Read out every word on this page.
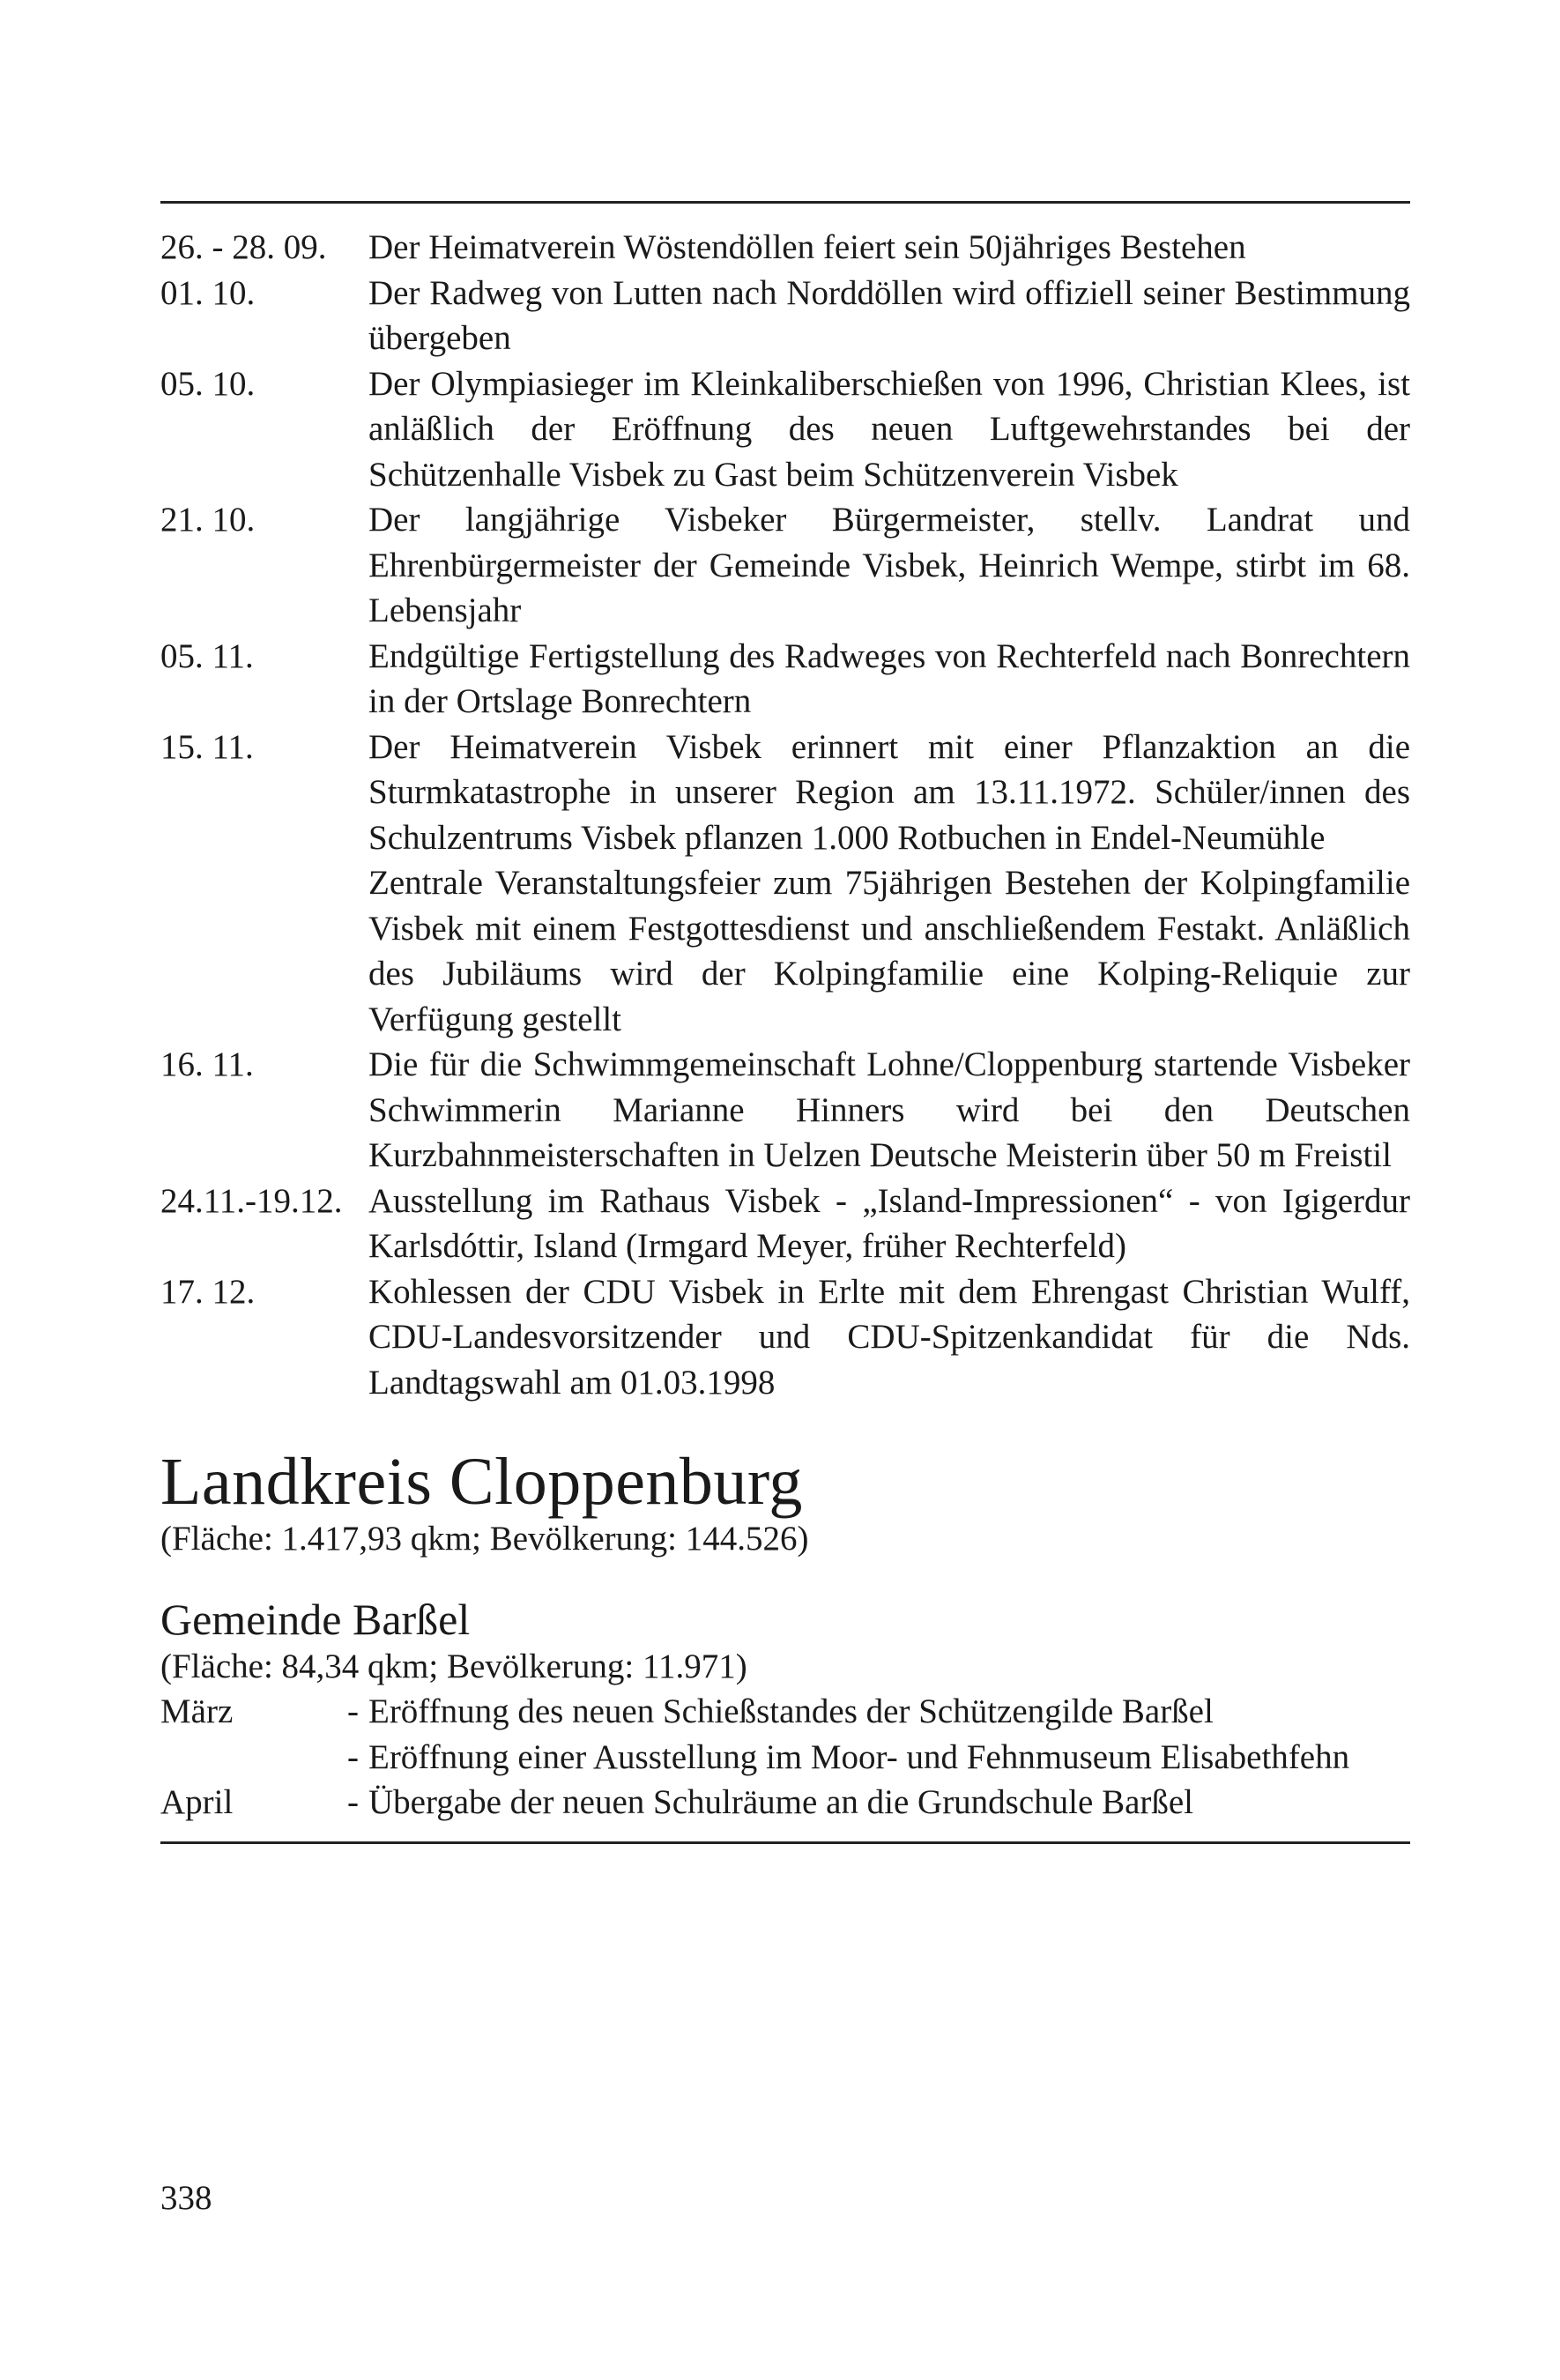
26. - 28. 09.	Der Heimatverein Wöstendöllen feiert sein 50jähriges Bestehen
01. 10.	Der Radweg von Lutten nach Norddöllen wird offiziell seiner Bestimmung übergeben
05. 10.	Der Olympiasieger im Kleinkaliberschießen von 1996, Christian Klees, ist anläßlich der Eröffnung des neuen Luftgewehrstandes bei der Schützenhalle Visbek zu Gast beim Schützenverein Visbek
21. 10.	Der langjährige Visbeker Bürgermeister, stellv. Landrat und Ehrenbürgermeister der Gemeinde Visbek, Heinrich Wempe, stirbt im 68. Lebensjahr
05. 11.	Endgültige Fertigstellung des Radweges von Rechterfeld nach Bonrechtern in der Ortslage Bonrechtern
15. 11.	Der Heimatverein Visbek erinnert mit einer Pflanzaktion an die Sturmkatastrophe in unserer Region am 13.11.1972. Schüler/innen des Schulzentrums Visbek pflanzen 1.000 Rotbuchen in Endel-Neumühle
Zentrale Veranstaltungsfeier zum 75jährigen Bestehen der Kolpingfamilie Visbek mit einem Festgottesdienst und anschließendem Festakt. Anläßlich des Jubiläums wird der Kolpingfamilie eine Kolping-Reliquie zur Verfügung gestellt
16. 11.	Die für die Schwimmgemeinschaft Lohne/Cloppenburg startende Visbeker Schwimmerin Marianne Hinners wird bei den Deutschen Kurzbahnmeisterschaften in Uelzen Deutsche Meisterin über 50 m Freistil
24.11.-19.12. Ausstellung im Rathaus Visbek - „Island-Impressionen“ - von Igigerdur Karlsdóttir, Island (Irmgard Meyer, früher Rechterfeld)
17. 12.	Kohlessen der CDU Visbek in Erlte mit dem Ehrengast Christian Wulff, CDU-Landesvorsitzender und CDU-Spitzenkandidat für die Nds. Landtagswahl am 01.03.1998
Landkreis Cloppenburg
(Fläche: 1.417,93 qkm; Bevölkerung: 144.526)
Gemeinde Barßel
(Fläche: 84,34 qkm; Bevölkerung: 11.971)
März	- Eröffnung des neuen Schießstandes der Schützengilde Barßel
- Eröffnung einer Ausstellung im Moor- und Fehnmuseum Elisabethfehn
April	- Übergabe der neuen Schulräume an die Grundschule Barßel
338
